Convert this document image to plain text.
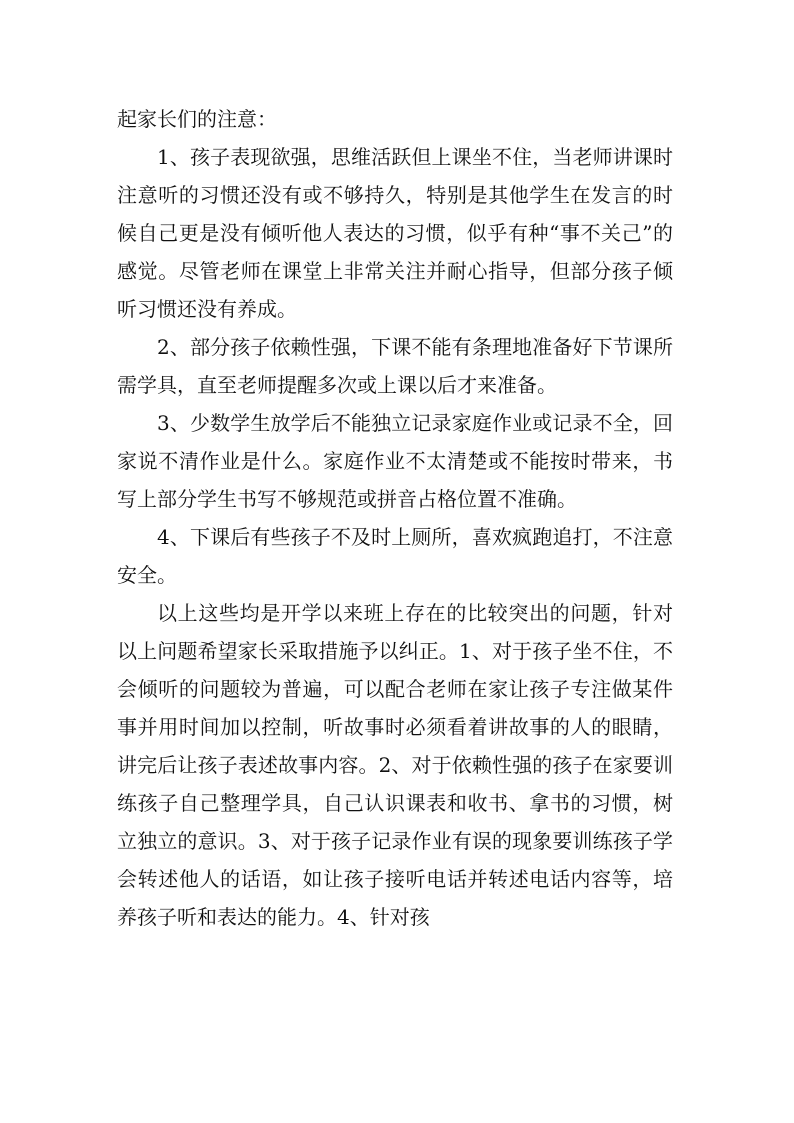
起家长们的注意：

1、孩子表现欲强，思维活跃但上课坐不住，当老师讲课时注意听的习惯还没有或不够持久，特别是其他学生在发言的时候自己更是没有倾听他人表达的习惯，似乎有种“事不关己”的感觉。尽管老师在课堂上非常关注并耐心指导，但部分孩子倾听习惯还没有养成。

2、部分孩子依赖性强，下课不能有条理地准备好下节课所需学具，直至老师提醒多次或上课以后才来准备。

3、少数学生放学后不能独立记录家庭作业或记录不全，回家说不清作业是什么。家庭作业不太清楚或不能按时带来，书写上部分学生书写不够规范或拼音占格位置不准确。

4、下课后有些孩子不及时上厕所，喜欢疯跑追打，不注意安全。

以上这些均是开学以来班上存在的比较突出的问题，针对以上问题希望家长采取措施予以纠正。1、对于孩子坐不住，不会倾听的问题较为普遍，可以配合老师在家让孩子专注做某件事并用时间加以控制，听故事时必须看着讲故事的人的眼睛，讲完后让孩子表述故事内容。2、对于依赖性强的孩子在家要训练孩子自己整理学具，自己认识课表和收书、拿书的习惯，树立独立的意识。3、对于孩子记录作业有误的现象要训练孩子学会转述他人的话语，如让孩子接听电话并转述电话内容等，培养孩子听和表达的能力。4、针对孩
